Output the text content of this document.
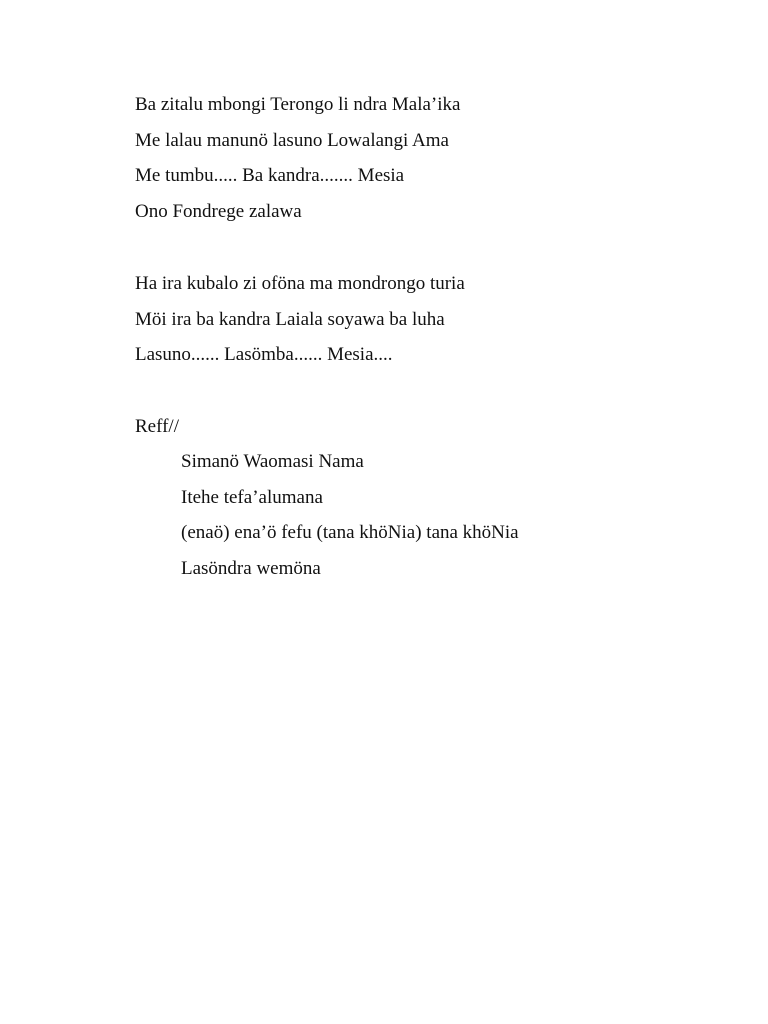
Ba zitalu mbongi Terongo li ndra Mala’ika
Me lalau manunö lasuno Lowalangi Ama
Me tumbu..... Ba kandra....... Mesia
Ono Fondrege zalawa
Ha ira kubalo zi oföna ma mondrongo turia
Möi ira ba kandra Laiala soyawa ba luha
Lasuno...... Lasömba...... Mesia....
Reff//
Simanö Waomasi Nama
Itehe tefa’alumana
(enaö) ena’ö fefu (tana khöNia) tana khöNia
Lasöndra wemöna
